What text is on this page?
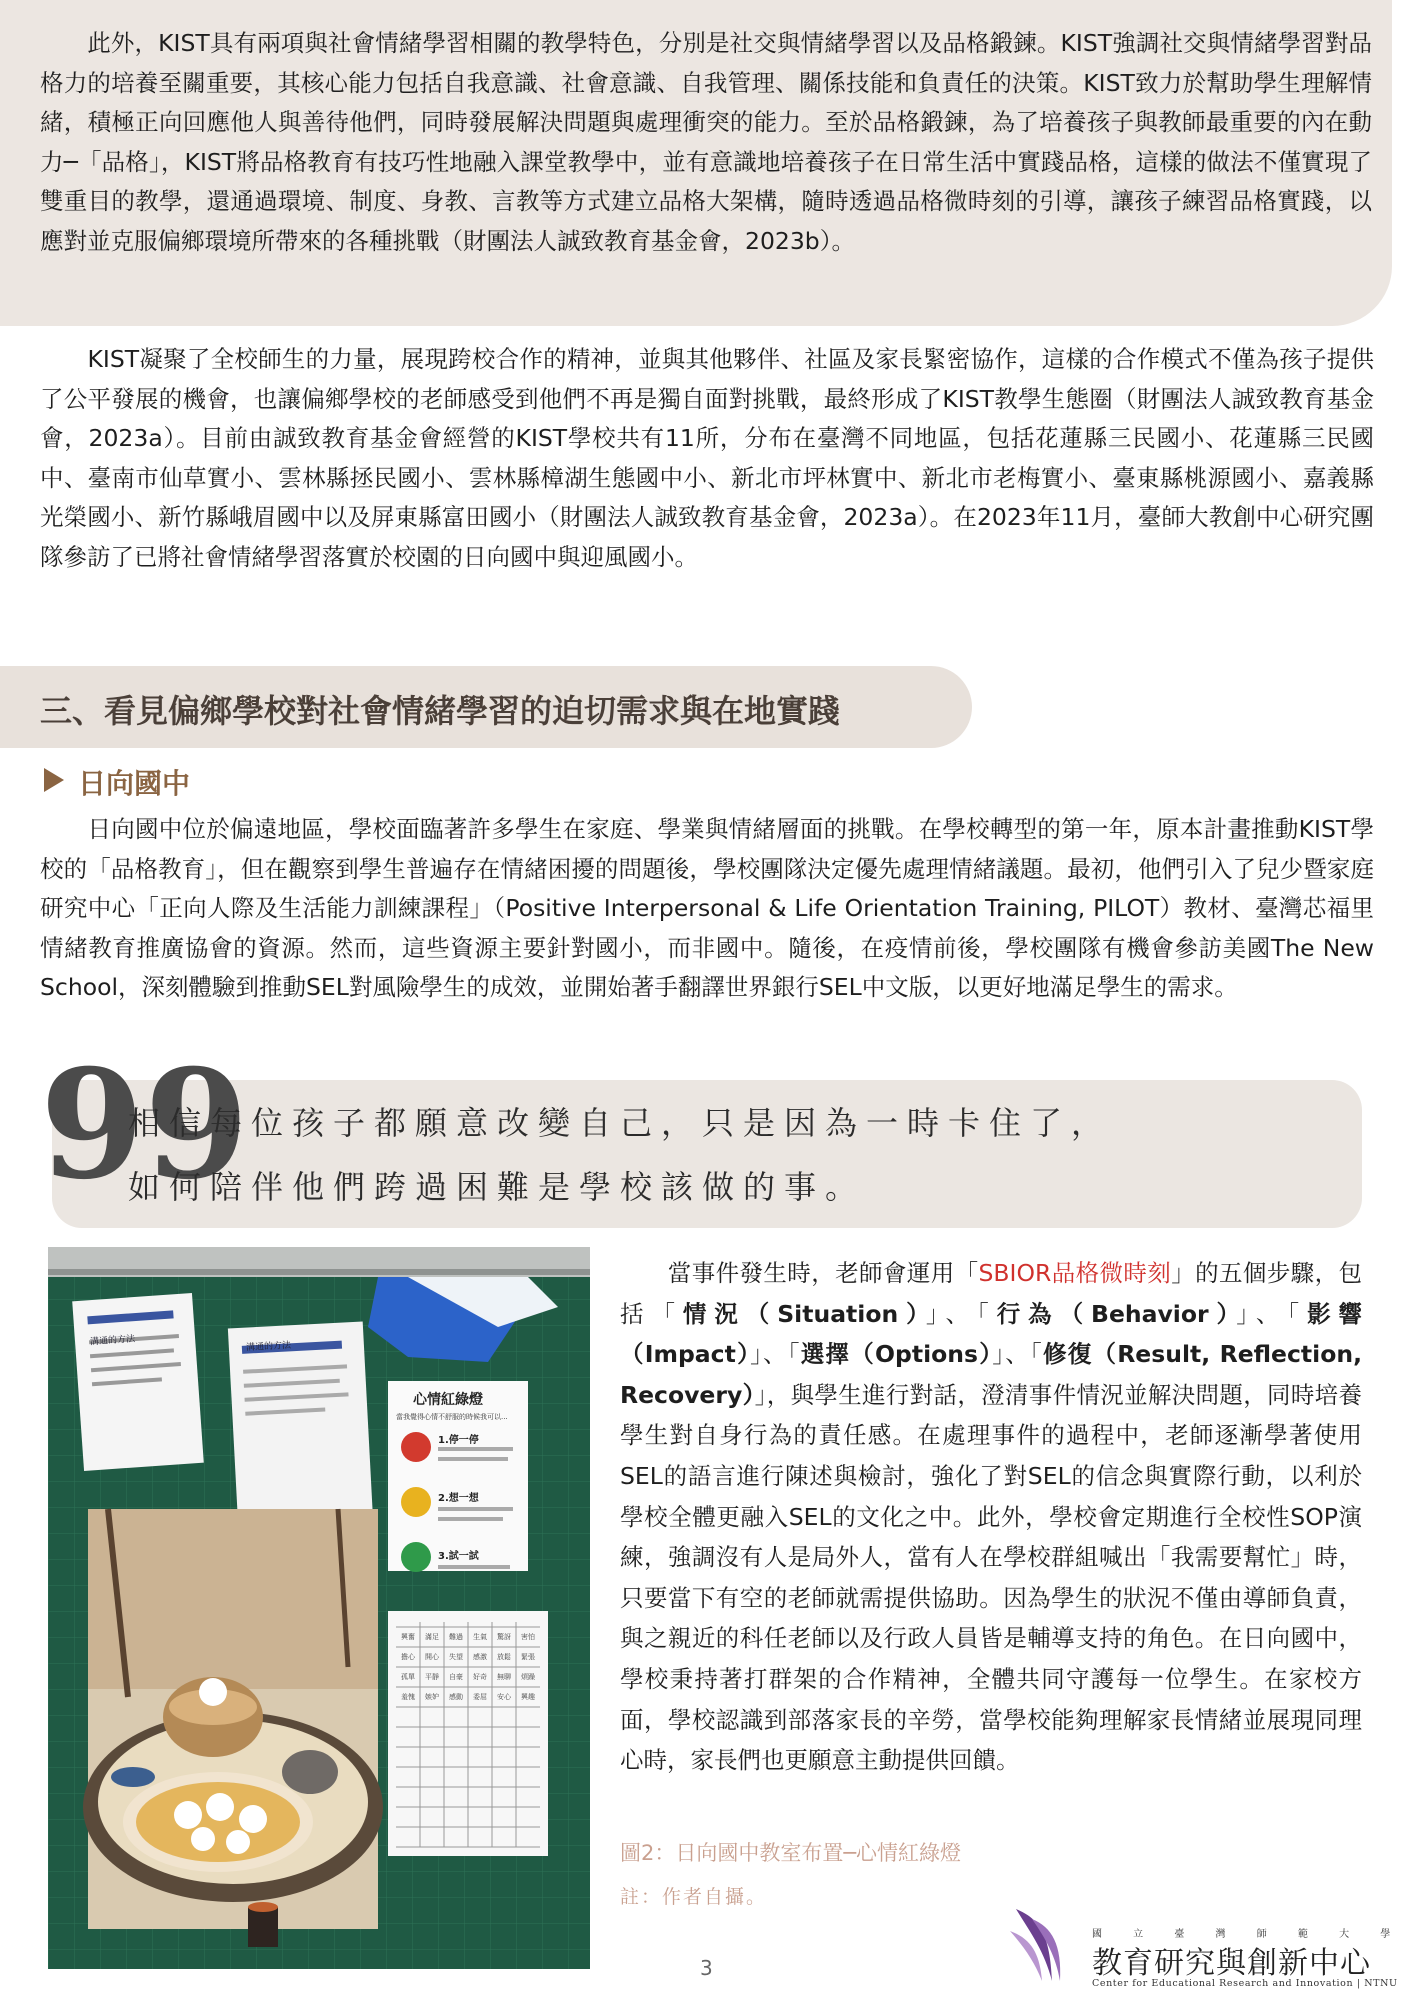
　　此外，KIST具有兩項與社會情緒學習相關的教學特色，分別是社交與情緒學習以及品格鍛鍊。KIST強調社交與情緒學習對品格力的培養至關重要，其核心能力包括自我意識、社會意識、自我管理、關係技能和負責任的決策。KIST致力於幫助學生理解情緒，積極正向回應他人與善待他們，同時發展解決問題與處理衝突的能力。至於品格鍛鍊，為了培養孩子與教師最重要的內在動力─「品格」，KIST將品格教育有技巧性地融入課堂教學中，並有意識地培養孩子在日常生活中實踐品格，這樣的做法不僅實現了雙重目的教學，還通過環境、制度、身教、言教等方式建立品格大架構，隨時透過品格微時刻的引導，讓孩子練習品格實踐，以應對並克服偏鄉環境所帶來的各種挑戰（財團法人誠致教育基金會，2023b）。

　　KIST凝聚了全校師生的力量，展現跨校合作的精神，並與其他夥伴、社區及家長緊密協作，這樣的合作模式不僅為孩子提供了公平發展的機會，也讓偏鄉學校的老師感受到他們不再是獨自面對挑戰，最終形成了KIST教學生態圈（財團法人誠致教育基金會，2023a）。目前由誠致教育基金會經營的KIST學校共有11所，分布在臺灣不同地區，包括花蓮縣三民國小、花蓮縣三民國中、臺南市仙草實小、雲林縣拯民國小、雲林縣樟湖生態國中小、新北市坪林實中、新北市老梅實小、臺東縣桃源國小、嘉義縣光榮國小、新竹縣峨眉國中以及屏東縣富田國小（財團法人誠致教育基金會，2023a）。在2023年11月，臺師大教創中心研究團隊參訪了已將社會情緒學習落實於校園的日向國中與迎風國小。

三、看見偏鄉學校對社會情緒學習的迫切需求與在地實踐
日向國中

　　日向國中位於偏遠地區，學校面臨著許多學生在家庭、學業與情緒層面的挑戰。在學校轉型的第一年，原本計畫推動KIST學校的「品格教育」，但在觀察到學生普遍存在情緒困擾的問題後，學校團隊決定優先處理情緒議題。最初，他們引入了兒少暨家庭研究中心「正向人際及生活能力訓練課程」（Positive Interpersonal & Life Orientation Training, PILOT）教材、臺灣芯福里情緒教育推廣協會的資源。然而，這些資源主要針對國小，而非國中。隨後，在疫情前後，學校團隊有機會參訪美國The New School，深刻體驗到推動SEL對風險學生的成效，並開始著手翻譯世界銀行SEL中文版，以更好地滿足學生的需求。

99
相信每位孩子都願意改變自己，只是因為一時卡住了，
如何陪伴他們跨過困難是學校該做的事。
溝通的方法	溝通的方法
心情紅綠燈
當我覺得心情不舒服的時候我可以...
1.停一停
2.想一想
3.試一試
興奮	滿足	難過	生氣	驚訝	害怕
擔心	開心	失望	感激	放鬆	緊張
孤單	平靜	自豪	好奇	無聊	煩躁
羞愧	嫉妒	感動	委屈	安心	興趣

　　當事件發生時，老師會運用「SBIOR品格微時刻」的五個步驟，包括「情況（Situation）」、「行為（Behavior）」、「影響（Impact）」、「選擇（Options）」、「修復（Result, Reflection, Recovery）」，與學生進行對話，澄清事件情況並解決問題，同時培養學生對自身行為的責任感。在處理事件的過程中，老師逐漸學著使用SEL的語言進行陳述與檢討，強化了對SEL的信念與實際行動，以利於學校全體更融入SEL的文化之中。此外，學校會定期進行全校性SOP演練，強調沒有人是局外人，當有人在學校群組喊出「我需要幫忙」時，只要當下有空的老師就需提供協助。因為學生的狀況不僅由導師負責，與之親近的科任老師以及行政人員皆是輔導支持的角色。在日向國中，學校秉持著打群架的合作精神，全體共同守護每一位學生。在家校方面，學校認識到部落家長的辛勞，當學校能夠理解家長情緒並展現同理心時，家長們也更願意主動提供回饋。

圖2：日向國中教室布置─心情紅綠燈
註：作者自攝。
3
國 立 臺 灣 師 範 大 學
教育研究與創新中心
Center for Educational Research and Innovation | NTNU
